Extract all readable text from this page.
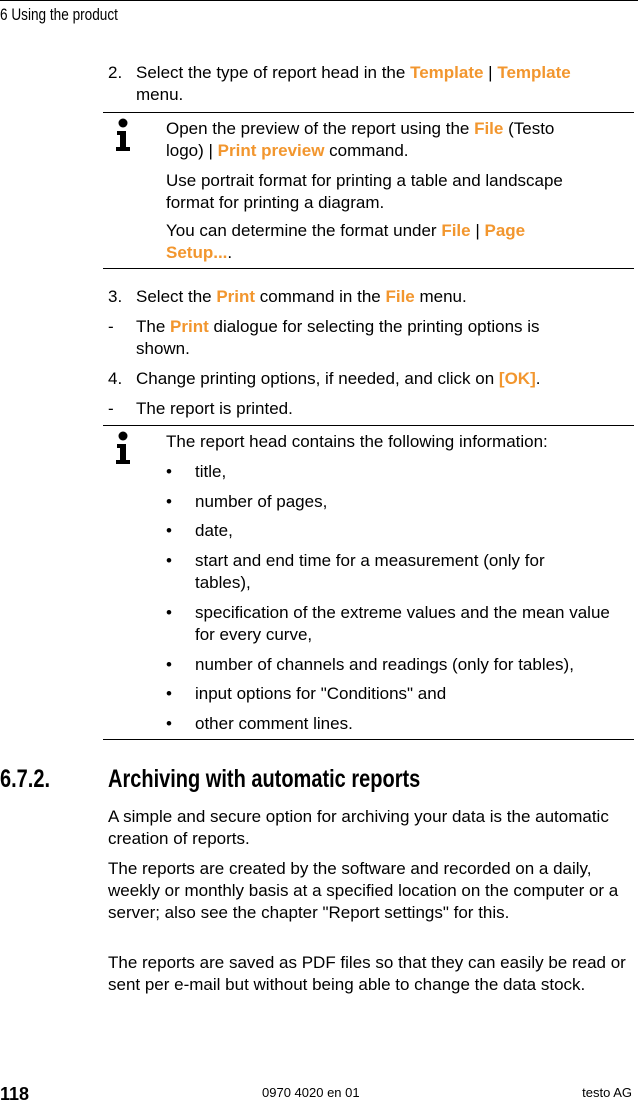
6 Using the product
2. Select the type of report head in the Template | Template
menu.
Open the preview of the report using the File (Testo
logo) | Print preview command.
Use portrait format for printing a table and landscape format for printing a diagram.
You can determine the format under File | Page
Setup....
3. Select the Print command in the File menu.
- The Print dialogue for selecting the printing options is shown.
4. Change printing options, if needed, and click on [OK].
- The report is printed.
The report head contains the following information:
• title,
• number of pages,
• date,
• start and end time for a measurement (only for tables),
• specification of the extreme values and the mean value for every curve,
• number of channels and readings (only for tables),
• input options for "Conditions" and
• other comment lines.
6.7.2. Archiving with automatic reports
A simple and secure option for archiving your data is the automatic creation of reports.
The reports are created by the software and recorded on a daily, weekly or monthly basis at a specified location on the computer or a server; also see the chapter "Report settings" for this.
The reports are saved as PDF files so that they can easily be read or sent per e-mail but without being able to change the data stock.
118	0970 4020 en 01	testo AG
